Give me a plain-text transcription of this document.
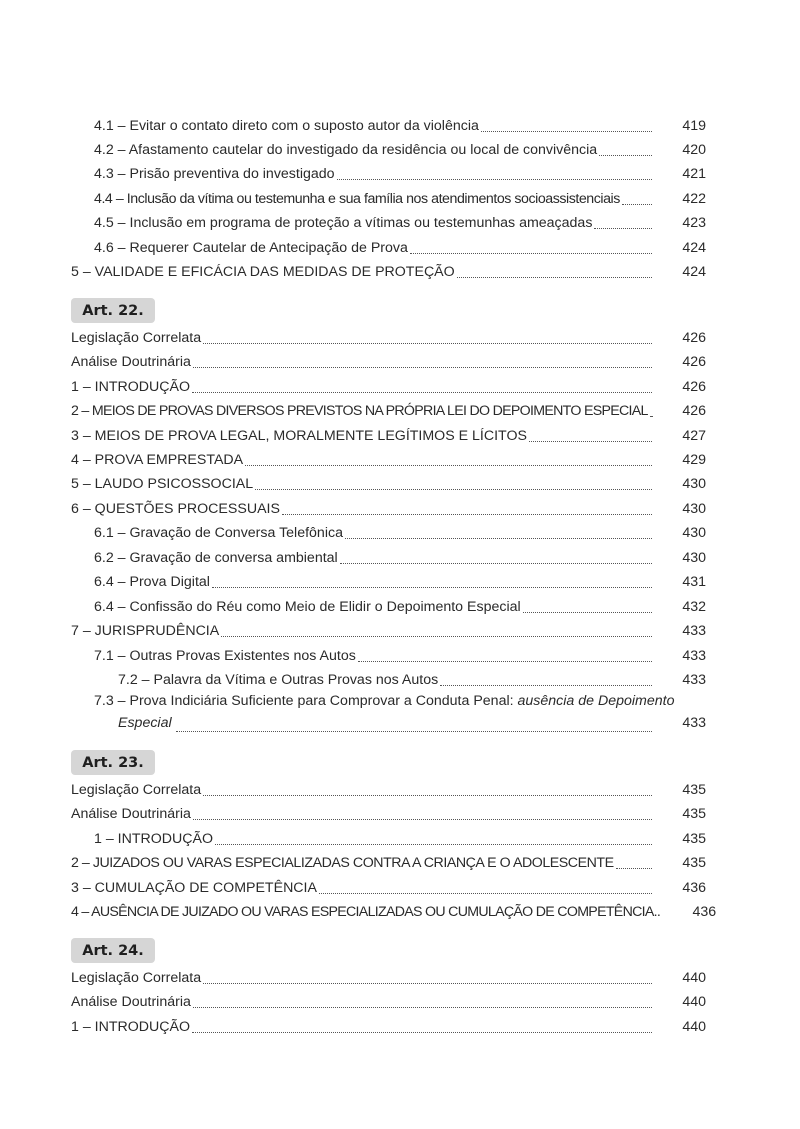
4.1 – Evitar o contato direto com o suposto autor da violência	419
4.2 – Afastamento cautelar do investigado da residência ou local de convivência	420
4.3 – Prisão preventiva do investigado	421
4.4 – Inclusão da vítima ou testemunha e sua família nos atendimentos socioassistenciais	422
4.5 – Inclusão em programa de proteção a vítimas ou testemunhas ameaçadas	423
4.6 – Requerer Cautelar de Antecipação de Prova	424
5 – VALIDADE E EFICÁCIA DAS MEDIDAS DE PROTEÇÃO	424
Art. 22.
Legislação Correlata	426
Análise Doutrinária	426
1 – INTRODUÇÃO	426
2 – MEIOS DE PROVAS DIVERSOS PREVISTOS NA PRÓPRIA LEI DO DEPOIMENTO ESPECIAL	426
3 – MEIOS DE PROVA LEGAL, MORALMENTE LEGÍTIMOS E LÍCITOS	427
4 – PROVA EMPRESTADA	429
5 – LAUDO PSICOSSOCIAL	430
6 – QUESTÕES PROCESSUAIS	430
6.1 – Gravação de Conversa Telefônica	430
6.2 – Gravação de conversa ambiental	430
6.4 – Prova Digital	431
6.4 – Confissão do Réu como Meio de Elidir o Depoimento Especial	432
7 – JURISPRUDÊNCIA	433
7.1 – Outras Provas Existentes nos Autos	433
7.2 – Palavra da Vítima e Outras Provas nos Autos	433
7.3 – Prova Indiciária Suficiente para Comprovar a Conduta Penal: ausência de Depoimento
Especial	433
Art. 23.
Legislação Correlata	435
Análise Doutrinária	435
1 – INTRODUÇÃO	435
2 – JUIZADOS OU VARAS ESPECIALIZADAS CONTRA A CRIANÇA E O ADOLESCENTE	435
3 – CUMULAÇÃO DE COMPETÊNCIA	436
4 – AUSÊNCIA DE JUIZADO OU VARAS ESPECIALIZADAS OU CUMULAÇÃO DE COMPETÊNCIA..	436
Art. 24.
Legislação Correlata	440
Análise Doutrinária	440
1 – INTRODUÇÃO	440
